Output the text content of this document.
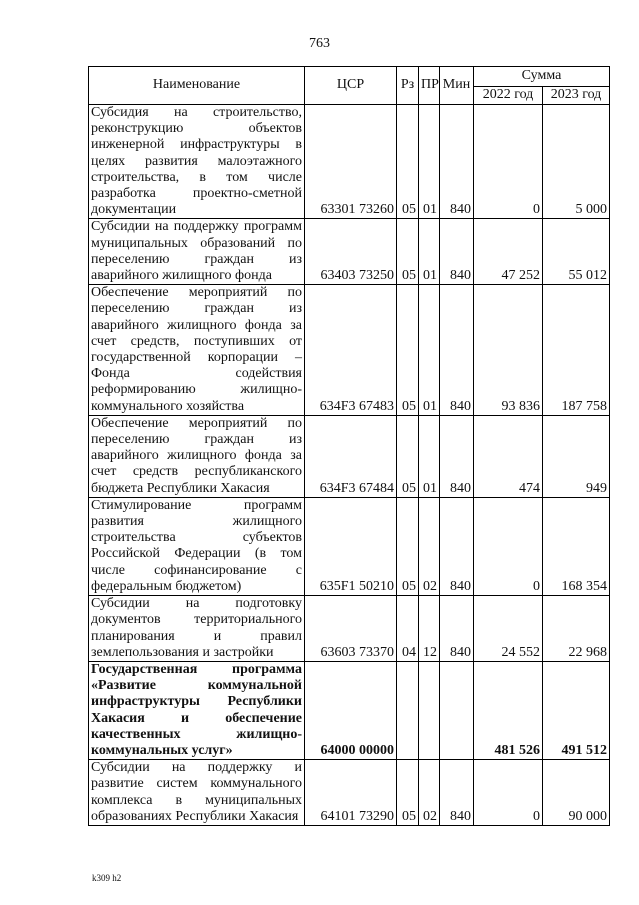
763
Наименование	ЦСР	Рз	ПР	Мин	Сумма	
					2022 год	2023 год
Субсидия на строительство, реконструкцию объектов инженерной инфраструктуры в целях развития малоэтажного строительства, в том числе разработка проектно-сметной документации	63301 73260	05	01	840	0	5 000
Субсидии на поддержку программ муниципальных образований по переселению граждан из аварийного жилищного фонда	63403 73250	05	01	840	47 252	55 012
Обеспечение мероприятий по переселению граждан из аварийного жилищного фонда за счет средств, поступивших от государственной корпорации – Фонда содействия реформированию жилищно-коммунального хозяйства	634F3 67483	05	01	840	93 836	187 758
Обеспечение мероприятий по переселению граждан из аварийного жилищного фонда за счет средств республиканского бюджета Республики Хакасия	634F3 67484	05	01	840	474	949
Стимулирование программ развития жилищного строительства субъектов Российской Федерации (в том числе софинансирование с федеральным бюджетом)	635F1 50210	05	02	840	0	168 354
Субсидии на подготовку документов территориального планирования и правил землепользования и застройки	63603 73370	04	12	840	24 552	22 968
Государственная программа «Развитие коммунальной инфраструктуры Республики Хакасия и обеспечение качественных жилищно-коммунальных услуг»	64000 00000				481 526	491 512
Субсидии на поддержку и развитие систем коммунального комплекса в муниципальных образованиях Республики Хакасия	64101 73290	05	02	840	0	90 000
k309 h2
